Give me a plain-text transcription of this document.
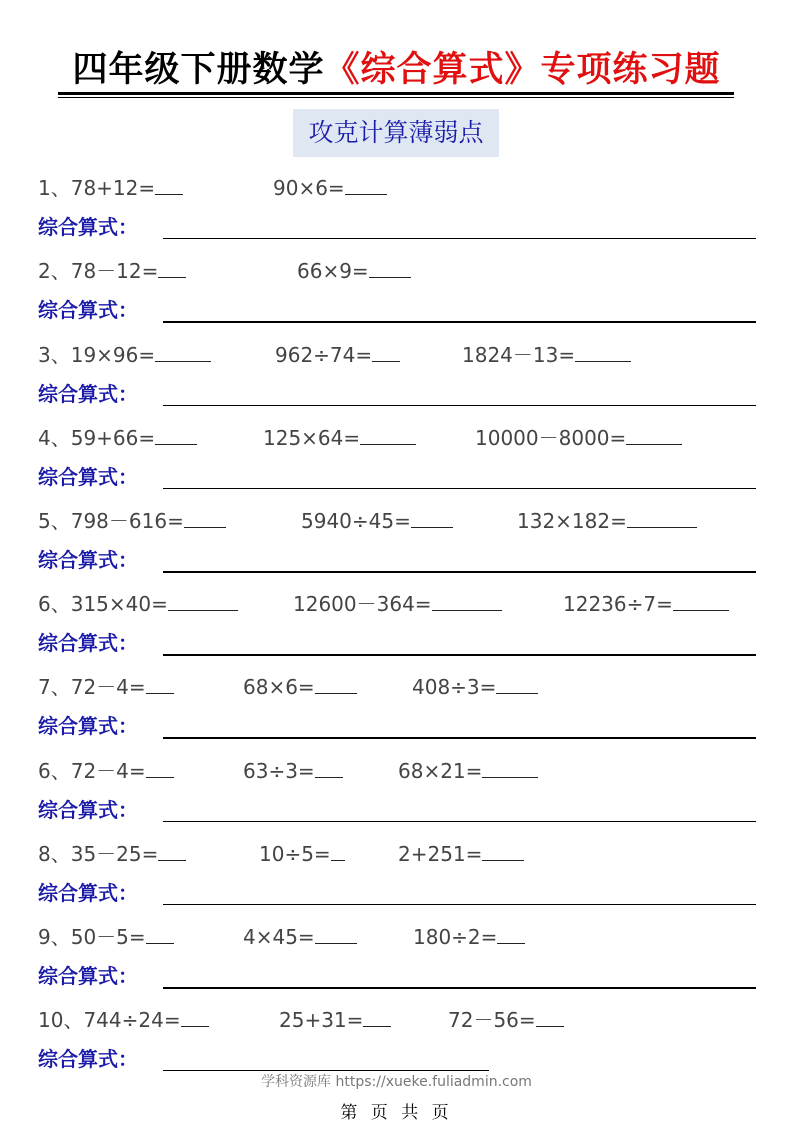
四年级下册数学《综合算式》专项练习题
攻克计算薄弱点
1、78+12=	90×6=
综合算式：
2、78－12=	66×9=
综合算式：
3、19×96=	962÷74=	1824－13=
综合算式：
4、59+66=	125×64=	10000－8000=
综合算式：
5、798－616=	5940÷45=	132×182=
综合算式：
6、315×40=	12600－364=	12236÷7=
综合算式：
7、72－4=	68×6=	408÷3=
综合算式：
6、72－4=	63÷3=	68×21=
综合算式：
8、35－25=	10÷5=	2+251=
综合算式：
9、50－5=	4×45=	180÷2=
综合算式：
10、744÷24=	25+31=	72－56=
综合算式：
学科资源库 https://xueke.fuliadmin.com
第 页 共 页
